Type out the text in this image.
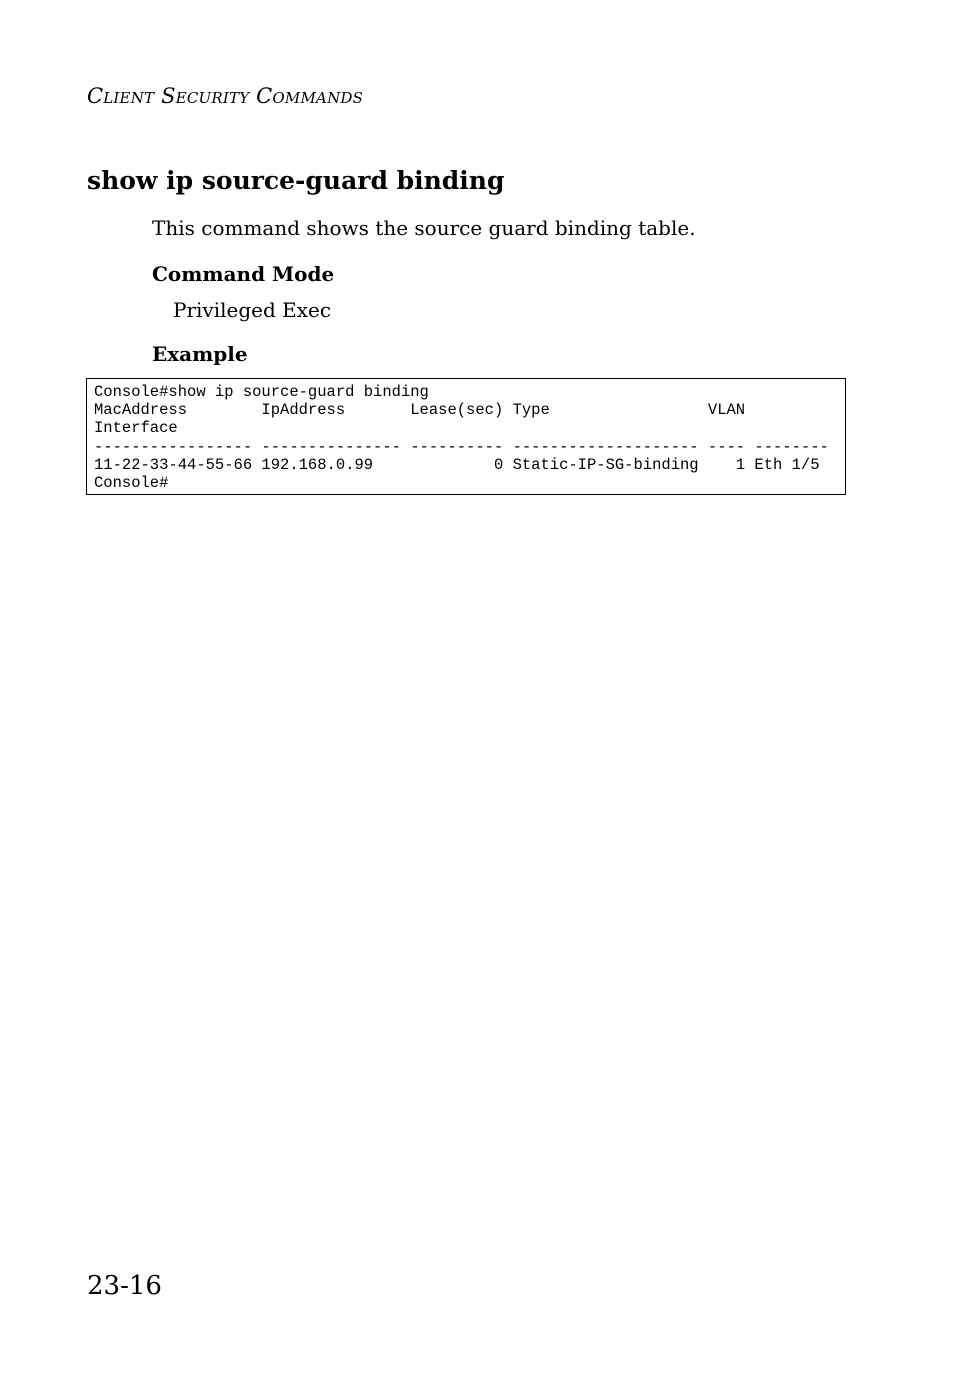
Client Security Commands
show ip source-guard binding

This command shows the source guard binding table.

Command Mode

Privileged Exec

Example
Console#show ip source-guard binding
MacAddress        IpAddress       Lease(sec) Type                 VLAN
Interface
----------------- --------------- ---------- -------------------- ---- --------
11-22-33-44-55-66 192.168.0.99             0 Static-IP-SG-binding    1 Eth 1/5
Console#
23-16
